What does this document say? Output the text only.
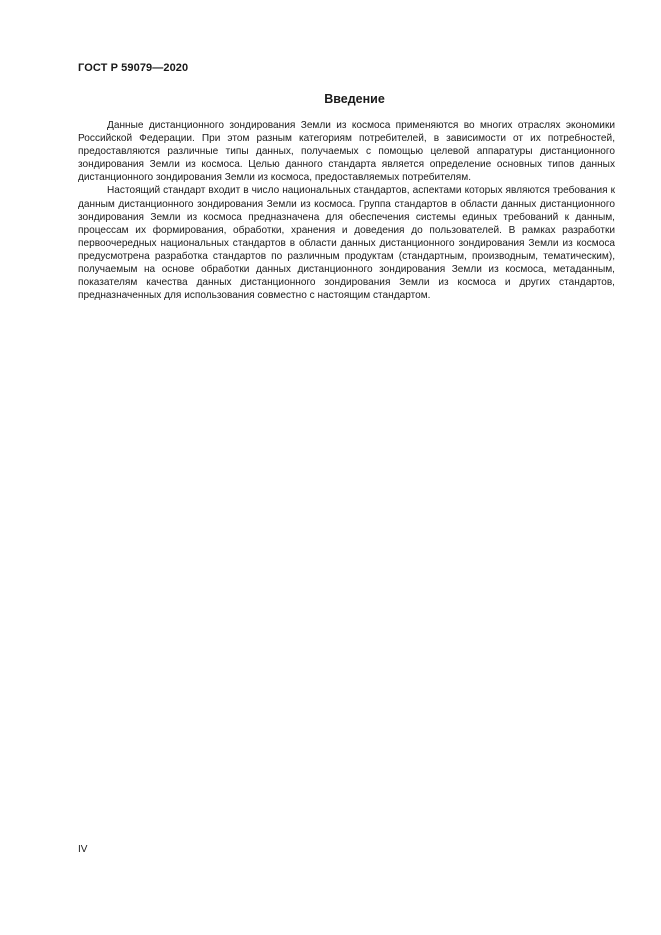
ГОСТ Р 59079—2020
Введение

Данные дистанционного зондирования Земли из космоса применяются во многих отраслях экономики Российской Федерации. При этом разным категориям потребителей, в зависимости от их потребностей, предоставляются различные типы данных, получаемых с помощью целевой аппаратуры дистанционного зондирования Земли из космоса. Целью данного стандарта является определение основных типов данных дистанционного зондирования Земли из космоса, предоставляемых потребителям.

Настоящий стандарт входит в число национальных стандартов, аспектами которых являются требования к данным дистанционного зондирования Земли из космоса. Группа стандартов в области данных дистанционного зондирования Земли из космоса предназначена для обеспечения системы единых требований к данным, процессам их формирования, обработки, хранения и доведения до пользователей. В рамках разработки первоочередных национальных стандартов в области данных дистанционного зондирования Земли из космоса предусмотрена разработка стандартов по различным продуктам (стандартным, производным, тематическим), получаемым на основе обработки данных дистанционного зондирования Земли из космоса, метаданным, показателям качества данных дистанционного зондирования Земли из космоса и других стандартов, предназначенных для использования совместно с настоящим стандартом.

IV
